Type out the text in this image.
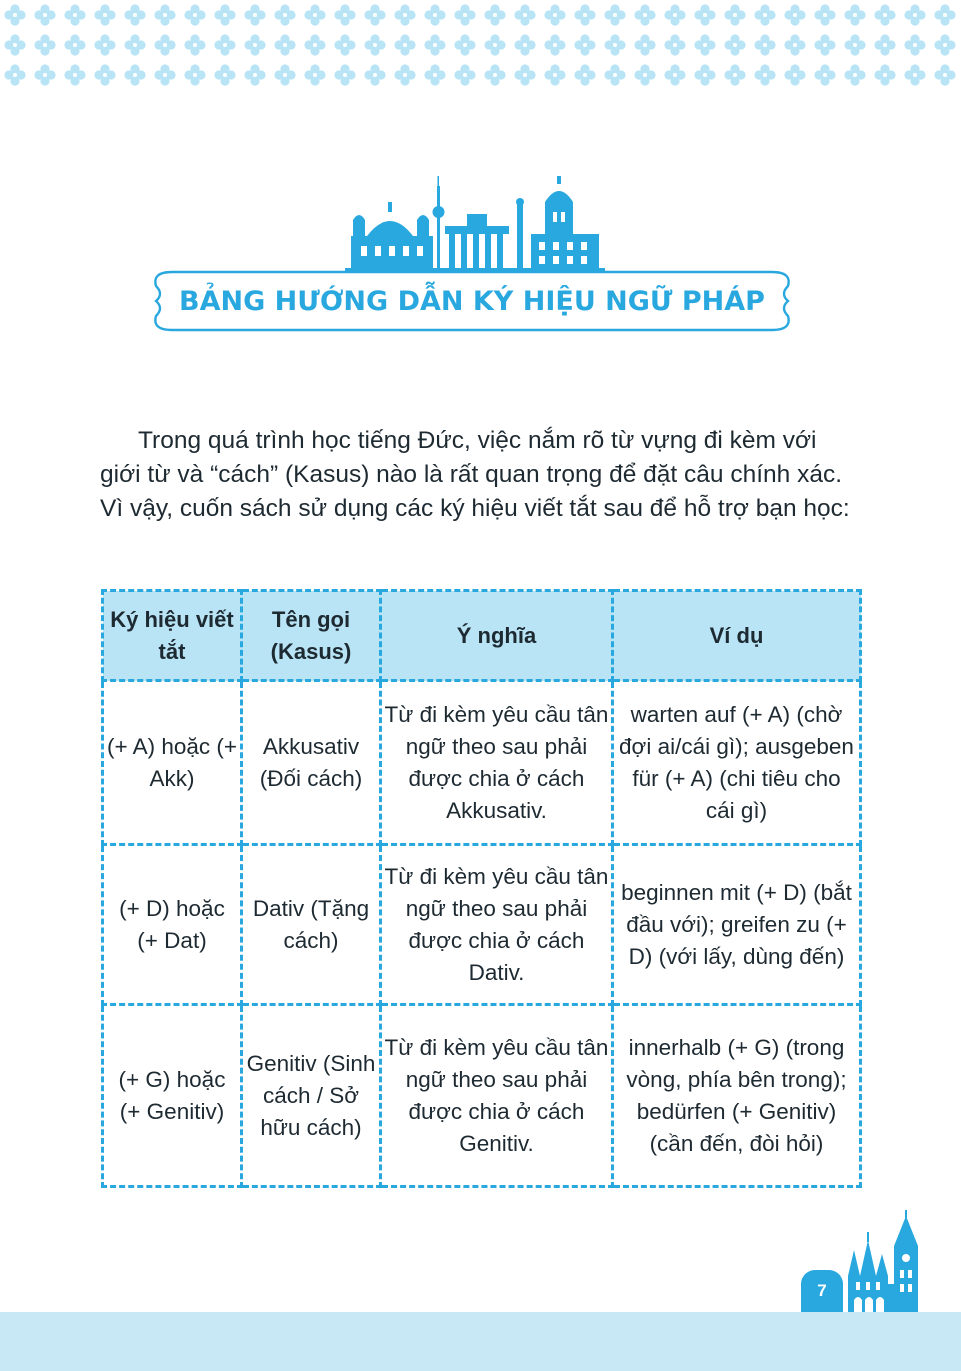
BẢNG HƯỚNG DẪN KÝ HIỆU NGỮ PHÁP

Trong quá trình học tiếng Đức, việc nắm rõ từ vựng đi kèm với giới từ và “cách” (Kasus) nào là rất quan trọng để đặt câu chính xác. Vì vậy, cuốn sách sử dụng các ký hiệu viết tắt sau để hỗ trợ bạn học:

Ký hiệu viết tắt	Tên gọi (Kasus)	Ý nghĩa	Ví dụ
(+ A) hoặc (+ Akk)	Akkusativ (Đối cách)	Từ đi kèm yêu cầu tân ngữ theo sau phải được chia ở cách Akkusativ.	warten auf (+ A) (chờ đợi ai/cái gì); ausgeben für (+ A) (chi tiêu cho cái gì)
(+ D) hoặc (+ Dat)	Dativ (Tặng cách)	Từ đi kèm yêu cầu tân ngữ theo sau phải được chia ở cách Dativ.	beginnen mit (+ D) (bắt đầu với); greifen zu (+ D) (với lấy, dùng đến)
(+ G) hoặc (+ Genitiv)	Genitiv (Sinh cách / Sở hữu cách)	Từ đi kèm yêu cầu tân ngữ theo sau phải được chia ở cách Genitiv.	innerhalb (+ G) (trong vòng, phía bên trong); bedürfen (+ Genitiv) (cần đến, đòi hỏi)
7
